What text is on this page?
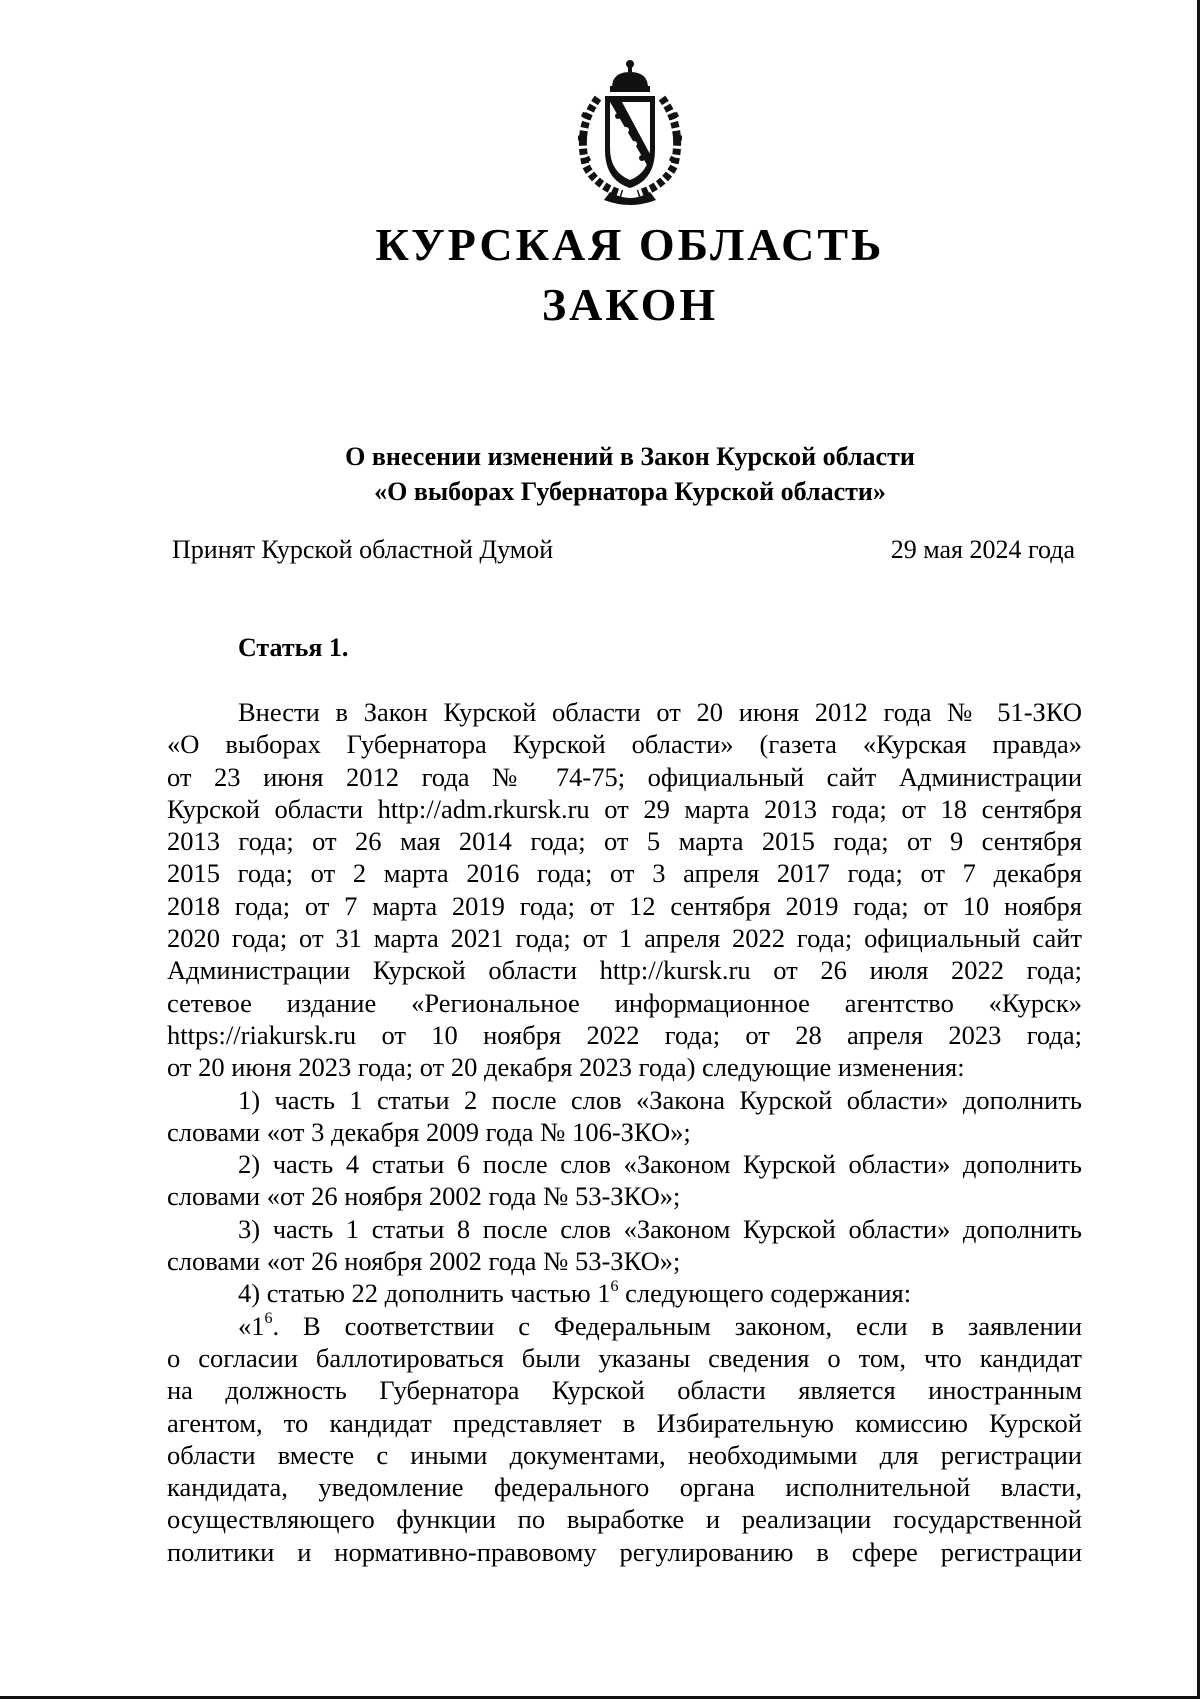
КУРСКАЯ ОБЛАСТЬ
ЗАКОН
О внесении изменений в Закон Курской области
«О выборах Губернатора Курской области»
Принят Курской областной Думой	29 мая 2024 года
Статья 1.
Внести в Закон Курской области от 20 июня 2012 года № 51-ЗКО
«О выборах Губернатора Курской области» (газета «Курская правда»
от 23 июня 2012 года № 74-75; официальный сайт Администрации
Курской области http://adm.rkursk.ru от 29 марта 2013 года; от 18 сентября
2013 года; от 26 мая 2014 года; от 5 марта 2015 года; от 9 сентября
2015 года; от 2 марта 2016 года; от 3 апреля 2017 года; от 7 декабря
2018 года; от 7 марта 2019 года; от 12 сентября 2019 года; от 10 ноября
2020 года; от 31 марта 2021 года; от 1 апреля 2022 года; официальный сайт
Администрации Курской области http://kursk.ru от 26 июля 2022 года;
сетевое издание «Региональное информационное агентство «Курск»
https://riakursk.ru от 10 ноября 2022 года; от 28 апреля 2023 года;
от 20 июня 2023 года; от 20 декабря 2023 года) следующие изменения:
1) часть 1 статьи 2 после слов «Закона Курской области» дополнить
словами «от 3 декабря 2009 года № 106-ЗКО»;
2) часть 4 статьи 6 после слов «Законом Курской области» дополнить
словами «от 26 ноября 2002 года № 53-ЗКО»;
3) часть 1 статьи 8 после слов «Законом Курской области» дополнить
словами «от 26 ноября 2002 года № 53-ЗКО»;
4) статью 22 дополнить частью $1^6$ следующего содержания:
«$1^6$. В соответствии с Федеральным законом, если в заявлении
о согласии баллотироваться были указаны сведения о том, что кандидат
на должность Губернатора Курской области является иностранным
агентом, то кандидат представляет в Избирательную комиссию Курской
области вместе с иными документами, необходимыми для регистрации
кандидата, уведомление федерального органа исполнительной власти,
осуществляющего функции по выработке и реализации государственной
политики и нормативно-правовому регулированию в сфере регистрации
